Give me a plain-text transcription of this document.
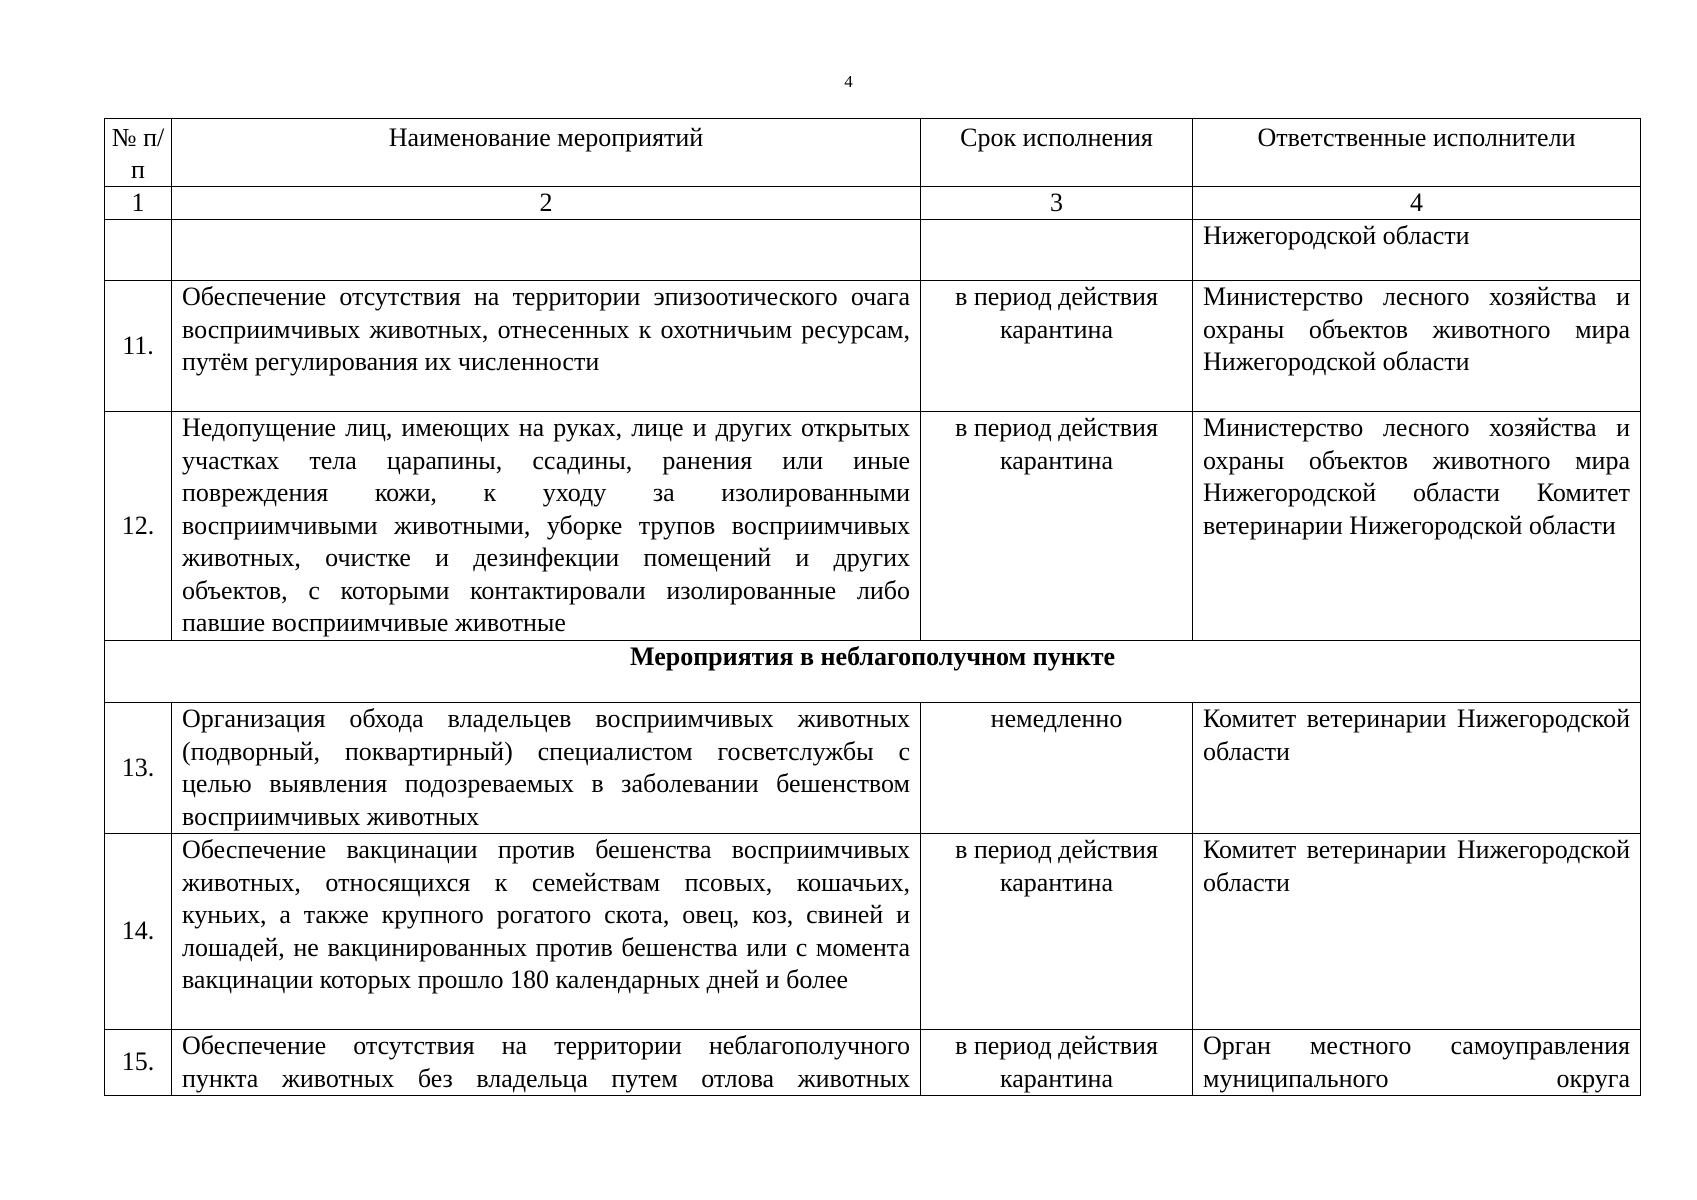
4
№ п/п	Наименование мероприятий	Срок исполнения	Ответственные исполнители
1	2	3	4
			Нижегородской области
11.	Обеспечение отсутствия на территории эпизоотического очага восприимчивых животных, отнесенных к охотничьим ресурсам, путём регулирования их численности	в период действия карантина	Министерство лесного хозяйства и охраны объектов животного мира Нижегородской области
12.	Недопущение лиц, имеющих на руках, лице и других открытых участках тела царапины, ссадины, ранения или иные повреждения кожи, к уходу за изолированными восприимчивыми животными, уборке трупов восприимчивых животных, очистке и дезинфекции помещений и других объектов, с которыми контактировали изолированные либо павшие восприимчивые животные	в период действия карантина	Министерство лесного хозяйства и охраны объектов животного мира Нижегородской области Комитет ветеринарии Нижегородской области
Мероприятия в неблагополучном пункте			
13.	Организация обхода владельцев восприимчивых животных (подворный, поквартирный) специалистом госветслужбы с целью выявления подозреваемых в заболевании бешенством восприимчивых животных	немедленно	Комитет ветеринарии Нижегородской области
14.	Обеспечение вакцинации против бешенства восприимчивых животных, относящихся к семействам псовых, кошачьих, куньих, а также крупного рогатого скота, овец, коз, свиней и лошадей, не вакцинированных против бешенства или с момента вакцинации которых прошло 180 календарных дней и более	в период действия карантина	Комитет ветеринарии Нижегородской области
15.	Обеспечение отсутствия на территории неблагополучного пункта животных без владельца путем отлова животных	в период действия карантина	Орган местного самоуправления муниципального округа
